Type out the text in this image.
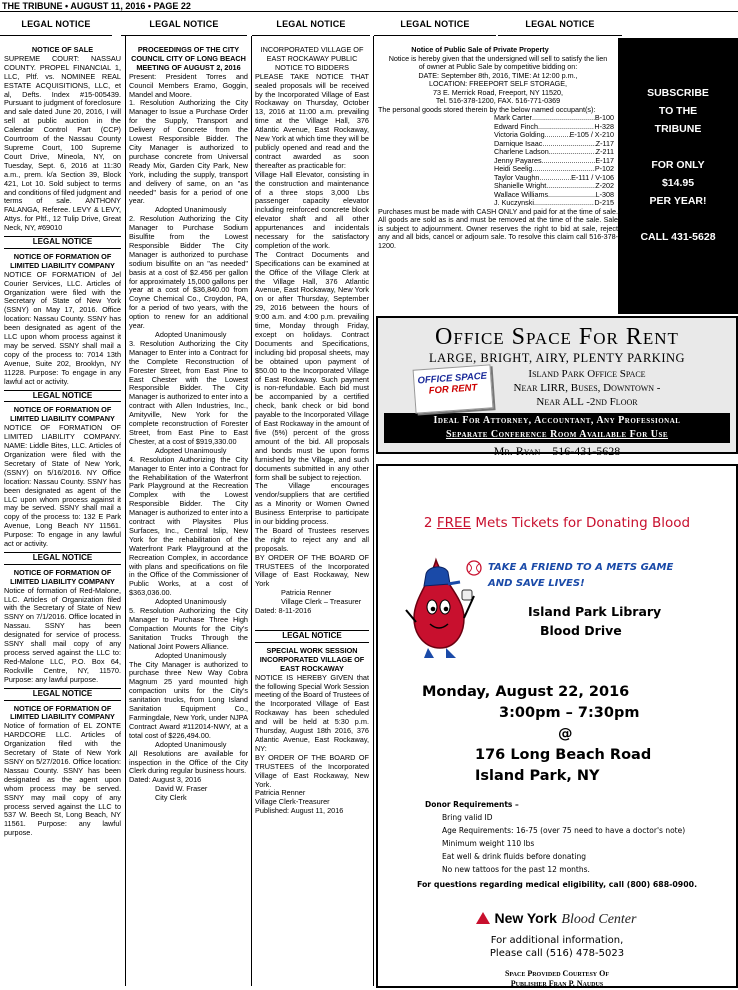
THE TRIBUNE • AUGUST 11, 2016 • PAGE 22
LEGAL NOTICE	LEGAL NOTICE	LEGAL NOTICE	LEGAL NOTICE	LEGAL NOTICE

NOTICE OF SALE

SUPREME COURT: NASSAU COUNTY. PROPEL FINANCIAL 1, LLC, Pltf. vs. NOMINEE REAL ESTATE ACQUISITIONS, LLC, et al, Defts. Index #15-005439. Pursuant to judgment of foreclosure and sale dated June 20, 2016, I will sell at public auction in the Calendar Control Part (CCP) Courtroom of the Nassau County Supreme Court, 100 Supreme Court Drive, Mineola, NY, on Tuesday, Sept. 6, 2016 at 11:30 a.m., prem. k/a Section 39, Block 421, Lot 10. Sold subject to terms and conditions of filed judgment and terms of sale. ANTHONY FALANGA, Referee. LEVY & LEVY, Attys. for Pltf., 12 Tulip Drive, Great Neck, NY, #69010

LEGAL NOTICE

NOTICE OF FORMATION OF LIMITED LIABILITY COMPANY

NOTICE OF FORMATION of Jel Courier Services, LLC. Articles of Organization were filed with the Secretary of State of New York (SSNY) on May 17, 2016. Office location: Nassau County. SSNY has been designated as agent of the LLC upon whom process against it may be served. SSNY shall mail a copy of the process to: 7014 13th Avenue, Suite 202, Brooklyn, NY 11228. Purpose: To engage in any lawful act or activity.

LEGAL NOTICE

NOTICE OF FORMATION OF LIMITED LIABILITY COMPANY

NOTICE OF FORMATION OF LIMITED LIABILITY COMPANY. NAME: Liddle Bites, LLC. Articles of Organization were filed with the Secretary of State of New York, (SSNY) on 5/16/2016. NY Office location: Nassau County. SSNY has been designated as agent of the LLC upon whom process against it may be served. SSNY shall mail a copy of the process to: 132 E Park Avenue, Long Beach NY 11561. Purpose: To engage in any lawful act or activity.

LEGAL NOTICE

NOTICE OF FORMATION OF LIMITED LIABILITY COMPANY

Notice of formation of Red-Malone, LLC. Articles of Organization filed with the Secretary of State of New SSNY on 7/1/2016. Office located in Nassau. SSNY has been designated for service of process. SSNY shall mail copy of any process served against the LLC to: Red-Malone LLC, P.O. Box 64, Rockville Centre, NY, 11570. Purpose: any lawful purpose.

LEGAL NOTICE

NOTICE OF FORMATION OF LIMITED LIABILITY COMPANY

Notice of formation of EL ZONTE HARDCORE LLC. Articles of Organization filed with the Secretary of State of New York SSNY on 5/27/2016. Office location: Nassau County. SSNY has been designated as the agent upon whom process may be served. SSNY may mail copy of any process served against the LLC to 537 W. Beech St, Long Beach, NY 11561. Purpose: any lawful purpose.

PROCEEDINGS OF THE CITY COUNCIL CITY OF LONG BEACH MEETING OF AUGUST 2, 2016

Present: President Torres and Council Members Eramo, Goggin, Mandel and Moore.

1. Resolution Authorizing the City Manager to Issue a Purchase Order for the Supply, Transport and Delivery of Concrete from the Lowest Responsible Bidder. The City Manager is authorized to purchase concrete from Universal Ready Mix, Garden City Park, New York, including the supply, transport and delivery of same, on an "as needed" basis for a period of one year.

Adopted Unanimously

2. Resolution Authorizing the City Manager to Purchase Sodium Bisulfite from the Lowest Responsible Bidder The City Manager is authorized to purchase sodium bisulfite on an "as needed" basis at a cost of $2.456 per gallon for approximately 15,000 gallons per year at a cost of $36,840.00 from Coyne Chemical Co., Croydon, PA, for a period of two years, with the option to renew for an additional year.

Adopted Unanimously

3. Resolution Authorizing the City Manager to Enter into a Contract for the Complete Reconstruction of Forester Street, from East Pine to East Chester with the Lowest Responsible Bidder. The City Manager is authorized to enter into a contract with Allen Industries, Inc., Amityville, New York for the complete reconstruction of Forester Street, from East Pine to East Chester, at a cost of $919,330.00

Adopted Unanimously

4. Resolution Authorizing the City Manager to Enter into a Contract for the Rehabilitation of the Waterfront Park Playground at the Recreation Complex with the Lowest Responsible Bidder. The City Manager is authorized to enter into a contract with Playsites Plus Surfaces, Inc., Central Islip, New York for the rehabilitation of the Waterfront Park Playground at the Recreation Complex, in accordance with plans and specifications on file in the Office of the Commissioner of Public Works, at a cost of $363,036.00.

Adopted Unanimously

5. Resolution Authorizing the City Manager to Purchase Three High Compaction Mounts for the City's Sanitation Trucks Through the National Joint Powers Alliance.

Adopted Unanimously

The City Manager is authorized to purchase three New Way Cobra Magnum 25 yard mounted high compaction units for the City's sanitation trucks, from Long Island Sanitation Equipment Co., Farmingdale, New York, under NJPA Contract Award #112014-NWY, at a total cost of $226,494.00.

Adopted Unanimously

All Resolutions are available for inspection in the Office of the City Clerk during regular business hours.

Dated: August 3, 2016

David W. Fraser

City Clerk

INCORPORATED VILLAGE OF EAST ROCKAWAY PUBLIC NOTICE TO BIDDERS

PLEASE TAKE NOTICE THAT sealed proposals will be received by the Incorporated Village of East Rockaway on Thursday, October 13, 2016 at 11:00 a.m. prevailing time at the Village Hall, 376 Atlantic Avenue, East Rockaway, New York at which time they will be publicly opened and read and the contract awarded as soon thereafter as practicable for:

Village Hall Elevator, consisting in the construction and maintenance of a three stops 3,000 Lbs passenger capacity elevator including reinforced concrete block elevator shaft and all other appurtenances and incidentals necessary for the satisfactory completion of the work.

The Contract Documents and Specifications can be examined at the Office of the Village Clerk at the Village Hall, 376 Atlantic Avenue, East Rockaway, New York on or after Thursday, September 29, 2016 between the hours of 9:00 a.m. and 4:00 p.m. prevailing time, Monday through Friday, except on holidays. Contract Documents and Specifications, including bid proposal sheets, may be obtained upon payment of $50.00 to the Incorporated Village of East Rockaway. Such payment is non-refundable. Each bid must be accompanied by a certified check, bank check or bid bond payable to the Incorporated Village of East Rockaway in the amount of five (5%) percent of the gross amount of the bid. All proposals and bonds must be upon forms furnished by the Village, and such documents submitted in any other form shall be subject to rejection.

The Village encourages vendor/suppliers that are certified as a Minority or Women Owned Business Enterprise to participate in our bidding process.

The Board of Trustees reserves the right to reject any and all proposals.

BY ORDER OF THE BOARD OF TRUSTEES of the Incorporated Village of East Rockaway, New York

Patricia Renner

Village Clerk – Treasurer

Dated: 8-11-2016

LEGAL NOTICE

SPECIAL WORK SESSION INCORPORATED VILLAGE OF EAST ROCKAWAY

NOTICE IS HEREBY GIVEN that the following Special Work Session meeting of the Board of Trustees of the Incorporated Village of East Rockaway has been scheduled and will be held at 5:30 p.m. Thursday, August 18th 2016, 376 Atlantic Avenue, East Rockaway, NY:

BY ORDER OF THE BOARD OF TRUSTEES of the Incorporated Village of East Rockaway, New York.

Patricia Renner

Village Clerk-Treasurer

Published: August 11, 2016

Notice of Public Sale of Private Property

Notice is hereby given that the undersigned will sell to satisfy the lien of owner at Public Sale by competitive bidding on:

DATE: September 8th, 2016, TIME: At 12:00 p.m.,

LOCATION: FREEPORT SELF STORAGE,

73 E. Merrick Road, Freeport, NY 11520,

Tel. 516-378-1200, FAX. 516-771-0369

The personal goods stored therein by the below named occupant(s):

Mark Carter .....	B-100
Edward Finch .....	H-328
Victoria Golding .....	E-105 / X-210
Darnique Isaac .....	Z-117
Charlene Ladson .....	Z-211
Jenny Payares .....	E-117
Heidi Seelig .....	P-102
Taylor Vaughn .....	E-111 / V-106
Shanielle Wright .....	Z-202
Wallace Williams .....	L-308
J. Kuczynski .....	D-215

Purchases must be made with CASH ONLY and paid for at the time of sale. All goods are sold as is and must be removed at the time of the sale. Sale is subject to adjournment. Owner reserves the right to bid at sale, reject any and all bids, cancel or adjourn sale. To resolve this claim call 516-378-1200.

SUBSCRIBE
TO THE
TRIBUNE
FOR ONLY
$14.95
PER YEAR!
CALL 431-5628
Office Space For Rent
LARGE, BRIGHT, AIRY, PLENTY PARKING
Island Park Office Space
Near LIRR, Buses, Downtown -
Near ALL -2nd Floor
Ideal For Attorney, Accountant, Any Professional
Separate Conference Room Available For Use
Mr. Ryan – 516-431-5628
OFFICE SPACE
FOR RENT
2 FREE Mets Tickets for Donating Blood
TAKE A FRIEND TO A METS GAME
AND SAVE LIVES!
Island Park Library
Blood Drive
Monday, August 22, 2016
3:00pm – 7:30pm
@
176 Long Beach Road
Island Park, NY
Donor Requirements –
Bring valid ID
Age Requirements: 16-75 (over 75 need to have a doctor's note)
Minimum weight 110 lbs
Eat well & drink fluids before donating
No new tattoos for the past 12 months.
For questions regarding medical eligibility, call (800) 688-0900.
New York Blood Center
For additional information,
Please call (516) 478-5023
Space Provided Courtesy Of
Publisher Fran P. Naudus
